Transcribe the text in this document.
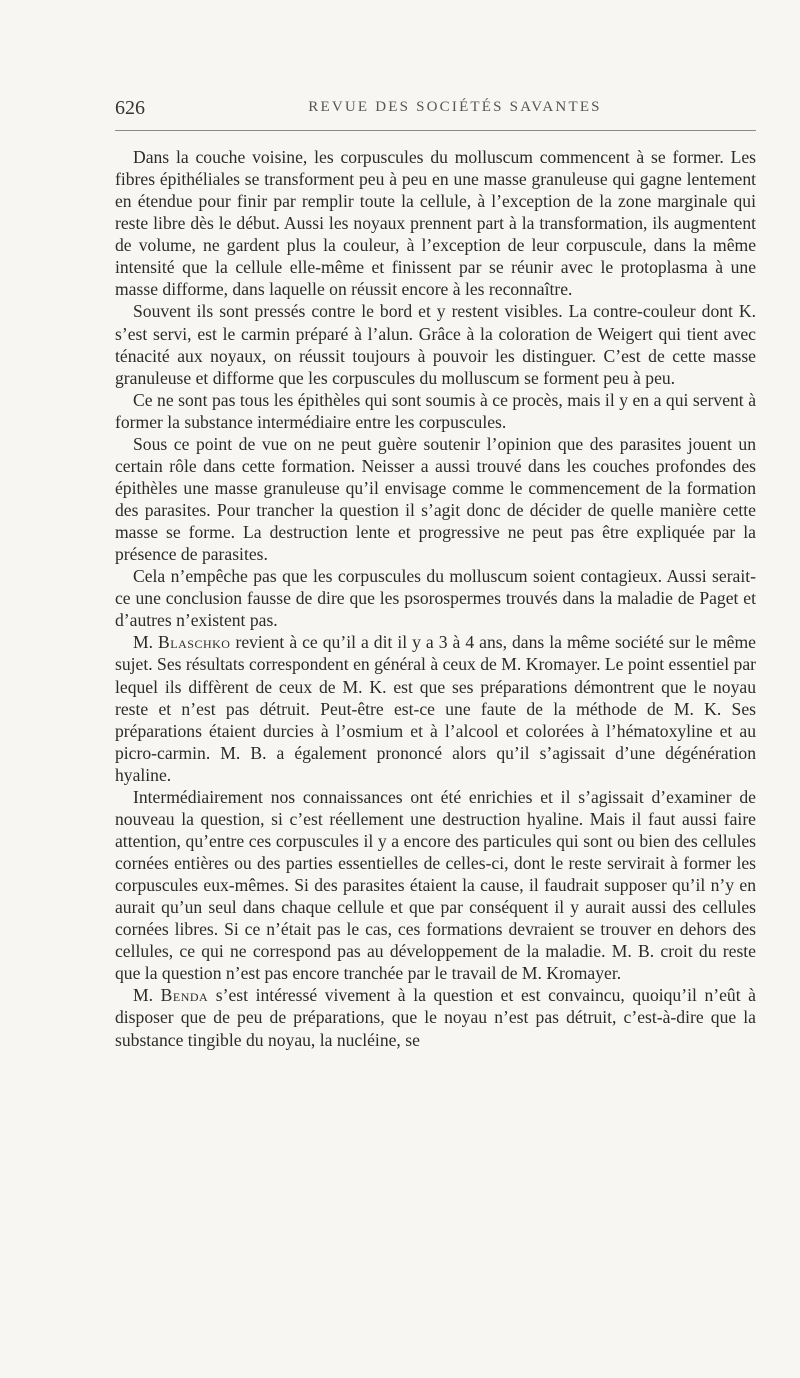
626	REVUE DES SOCIÉTÉS SAVANTES

Dans la couche voisine, les corpuscules du molluscum commencent à se former. Les fibres épithéliales se transforment peu à peu en une masse granuleuse qui gagne lentement en étendue pour finir par remplir toute la cellule, à l’exception de la zone marginale qui reste libre dès le début. Aussi les noyaux prennent part à la transformation, ils augmentent de volume, ne gardent plus la couleur, à l’exception de leur corpuscule, dans la même intensité que la cellule elle-même et finissent par se réunir avec le protoplasma à une masse difforme, dans laquelle on réussit encore à les reconnaître.

Souvent ils sont pressés contre le bord et y restent visibles. La contre-couleur dont K. s’est servi, est le carmin préparé à l’alun. Grâce à la coloration de Weigert qui tient avec ténacité aux noyaux, on réussit toujours à pouvoir les distinguer. C’est de cette masse granuleuse et difforme que les corpuscules du molluscum se forment peu à peu.

Ce ne sont pas tous les épithèles qui sont soumis à ce procès, mais il y en a qui servent à former la substance intermédiaire entre les corpuscules.

Sous ce point de vue on ne peut guère soutenir l’opinion que des parasites jouent un certain rôle dans cette formation. Neisser a aussi trouvé dans les couches profondes des épithèles une masse granuleuse qu’il envisage comme le commencement de la formation des parasites. Pour trancher la question il s’agit donc de décider de quelle manière cette masse se forme. La destruction lente et progressive ne peut pas être expliquée par la présence de parasites.

Cela n’empêche pas que les corpuscules du molluscum soient contagieux. Aussi serait-ce une conclusion fausse de dire que les psorospermes trouvés dans la maladie de Paget et d’autres n’existent pas.

M. Blaschko revient à ce qu’il a dit il y a 3 à 4 ans, dans la même société sur le même sujet. Ses résultats correspondent en général à ceux de M. Kromayer. Le point essentiel par lequel ils diffèrent de ceux de M. K. est que ses préparations démontrent que le noyau reste et n’est pas détruit. Peut-être est-ce une faute de la méthode de M. K. Ses préparations étaient durcies à l’osmium et à l’alcool et colorées à l’hématoxyline et au picro-carmin. M. B. a également prononcé alors qu’il s’agissait d’une dégénération hyaline.

Intermédiairement nos connaissances ont été enrichies et il s’agissait d’examiner de nouveau la question, si c’est réellement une destruction hyaline. Mais il faut aussi faire attention, qu’entre ces corpuscules il y a encore des particules qui sont ou bien des cellules cornées entières ou des parties essentielles de celles-ci, dont le reste servirait à former les corpuscules eux-mêmes. Si des parasites étaient la cause, il faudrait supposer qu’il n’y en aurait qu’un seul dans chaque cellule et que par conséquent il y aurait aussi des cellules cornées libres. Si ce n’était pas le cas, ces formations devraient se trouver en dehors des cellules, ce qui ne correspond pas au développement de la maladie. M. B. croit du reste que la question n’est pas encore tranchée par le travail de M. Kromayer.

M. Benda s’est intéressé vivement à la question et est convaincu, quoiqu’il n’eût à disposer que de peu de préparations, que le noyau n’est pas détruit, c’est-à-dire que la substance tingible du noyau, la nucléine, se
